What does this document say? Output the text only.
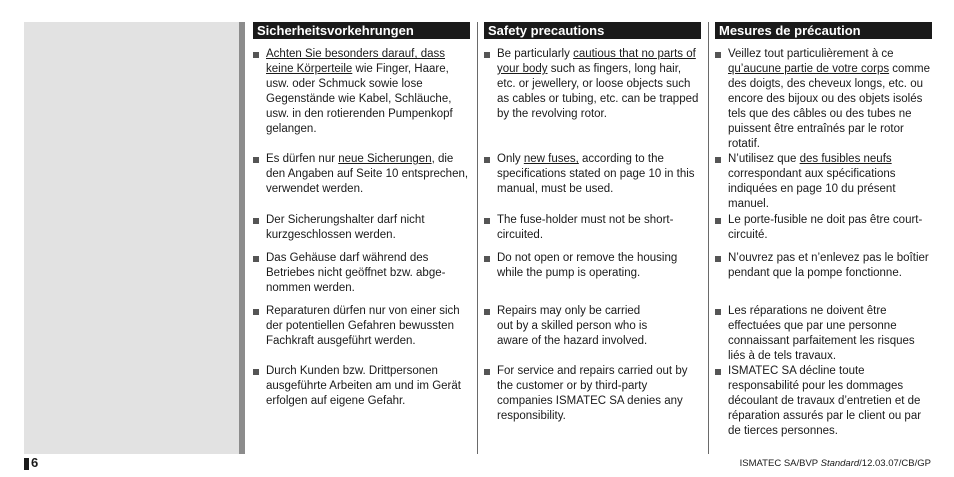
Sicherheitsvorkehrungen
Achten Sie besonders darauf, dass keine Körperteile wie Finger, Haare, usw. oder Schmuck sowie lose Gegenstände wie Kabel, Schläuche, usw. in den rotierenden Pumpenkopf gelangen.
Es dürfen nur neue Sicherungen, die den Angaben auf Seite 10 entsprechen, verwendet werden.
Der Sicherungshalter darf nicht kurzgeschlossen werden.
Das Gehäuse darf während des Betriebes nicht geöffnet bzw. abgenommen werden.
Reparaturen dürfen nur von einer sich der potentiellen Gefahren bewussten Fachkraft ausgeführt werden.
Durch Kunden bzw. Drittpersonen ausgeführte Arbeiten am und im Gerät erfolgen auf eigene Gefahr.
Safety precautions
Be particularly cautious that no parts of your body such as fingers, long hair, etc. or jewellery, or loose objects such as cables or tubing, etc. can be trapped by the revolving rotor.
Only new fuses, according to the specifications stated on page 10 in this manual, must be used.
The fuse-holder must not be shortcircuited.
Do not open or remove the housing while the pump is operating.
Repairs may only be carried out by a skilled person who is aware of the hazard involved.
For service and repairs carried out by the customer or by third-party companies ISMATEC SA denies any responsibility.
Mesures de précaution
Veillez tout particulièrement à ce qu’aucune partie de votre corps comme des doigts, des cheveux longs, etc. ou encore des bijoux ou des objets isolés tels que des câbles ou des tubes ne puissent être entraînés par le rotor rotatif.
N’utilisez que des fusibles neufs correspondant aux spécifications indiquées en page 10 du présent manuel.
Le porte-fusible ne doit pas être court-circuité.
N’ouvrez pas et n’enlevez pas le boîtier pendant que la pompe fonctionne.
Les réparations ne doivent être effectuées que par une personne connaissant parfaitement les risques liés à de tels travaux.
ISMATEC SA décline toute responsabilité pour les dommages découlant de travaux d’entretien et de réparation assurés par le client ou par de tierces personnes.
6	ISMATEC SA/BVP Standard/12.03.07/CB/GP
